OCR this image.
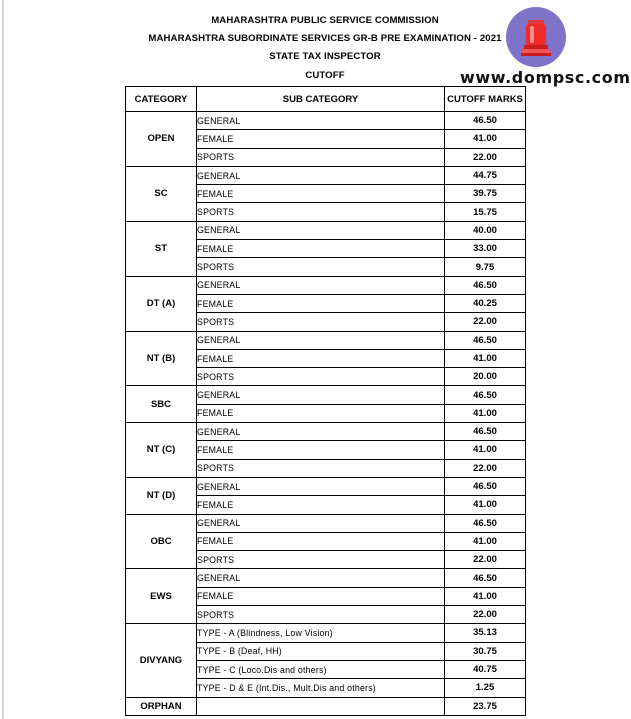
MAHARASHTRA PUBLIC SERVICE COMMISSION
MAHARASHTRA SUBORDINATE SERVICES GR-B PRE EXAMINATION - 2021
STATE TAX INSPECTOR
CUTOFF	www.dompsc.com
CATEGORY	SUB CATEGORY	CUTOFF MARKS
OPEN	GENERAL	46.50
	FEMALE	41.00
	SPORTS	22.00
SC	GENERAL	44.75
	FEMALE	39.75
	SPORTS	15.75
ST	GENERAL	40.00
	FEMALE	33.00
	SPORTS	9.75
DT (A)	GENERAL	46.50
	FEMALE	40.25
	SPORTS	22.00
NT (B)	GENERAL	46.50
	FEMALE	41.00
	SPORTS	20.00
SBC	GENERAL	46.50
	FEMALE	41.00
NT (C)	GENERAL	46.50
	FEMALE	41.00
	SPORTS	22.00
NT (D)	GENERAL	46.50
	FEMALE	41.00
OBC	GENERAL	46.50
	FEMALE	41.00
	SPORTS	22.00
EWS	GENERAL	46.50
	FEMALE	41.00
	SPORTS	22.00
DIVYANG	TYPE - A (Blindness, Low Vision)	35.13
	TYPE - B (Deaf, HH)	30.75
	TYPE - C (Loco.Dis and others)	40.75
	TYPE - D & E (Int.Dis., Mult.Dis and others)	1.25
ORPHAN		23.75
